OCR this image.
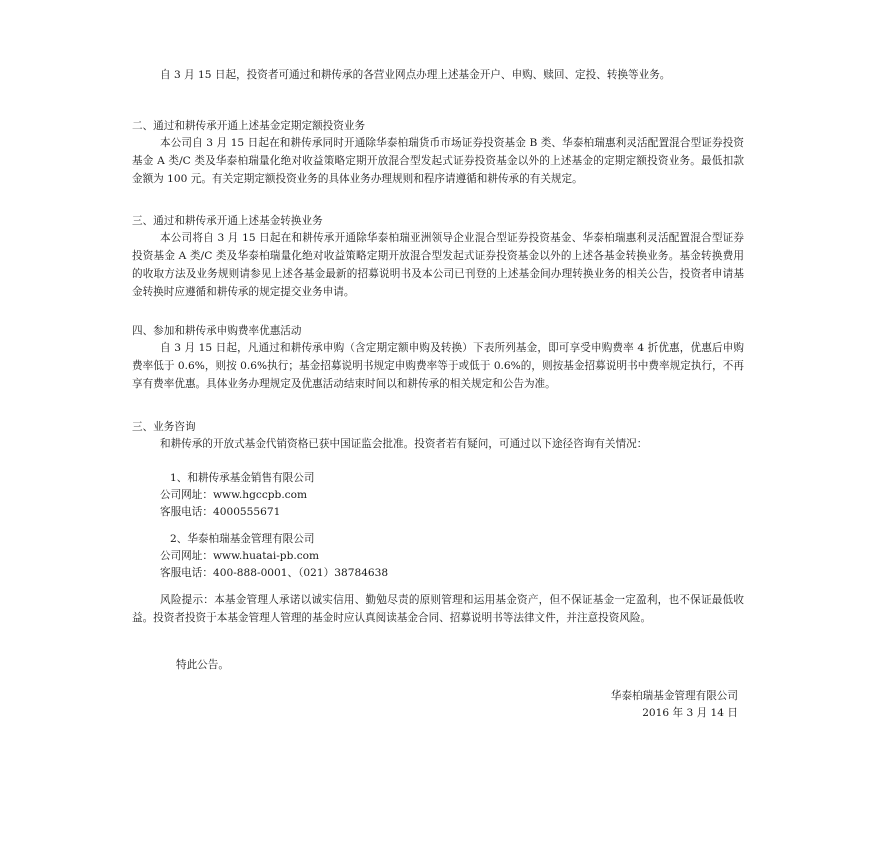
自 3 月 15 日起，投资者可通过和耕传承的各营业网点办理上述基金开户、申购、赎回、定投、转换等业务。

二、通过和耕传承开通上述基金定期定额投资业务

本公司自 3 月 15 日起在和耕传承同时开通除华泰柏瑞货币市场证券投资基金 B 类、华泰柏瑞惠利灵活配置混合型证券投资基金 A 类/C 类及华泰柏瑞量化绝对收益策略定期开放混合型发起式证券投资基金以外的上述基金的定期定额投资业务。最低扣款金额为 100 元。有关定期定额投资业务的具体业务办理规则和程序请遵循和耕传承的有关规定。

三、通过和耕传承开通上述基金转换业务

本公司将自 3 月 15 日起在和耕传承开通除华泰柏瑞亚洲领导企业混合型证券投资基金、华泰柏瑞惠利灵活配置混合型证券投资基金 A 类/C 类及华泰柏瑞量化绝对收益策略定期开放混合型发起式证券投资基金以外的上述各基金转换业务。基金转换费用的收取方法及业务规则请参见上述各基金最新的招募说明书及本公司已刊登的上述基金间办理转换业务的相关公告，投资者申请基金转换时应遵循和耕传承的规定提交业务申请。

四、参加和耕传承申购费率优惠活动

自 3 月 15 日起，凡通过和耕传承申购（含定期定额申购及转换）下表所列基金，即可享受申购费率 4 折优惠，优惠后申购费率低于 0.6%，则按 0.6%执行；基金招募说明书规定申购费率等于或低于 0.6%的，则按基金招募说明书中费率规定执行，不再享有费率优惠。具体业务办理规定及优惠活动结束时间以和耕传承的相关规定和公告为准。

三、业务咨询

和耕传承的开放式基金代销资格已获中国证监会批准。投资者若有疑问，可通过以下途径咨询有关情况：

1、和耕传承基金销售有限公司

公司网址：www.hgccpb.com

客服电话：4000555671

2、华泰柏瑞基金管理有限公司

公司网址：www.huatai-pb.com

客服电话：400-888-0001、（021）38784638

风险提示：本基金管理人承诺以诚实信用、勤勉尽责的原则管理和运用基金资产，但不保证基金一定盈利，也不保证最低收益。投资者投资于本基金管理人管理的基金时应认真阅读基金合同、招募说明书等法律文件，并注意投资风险。

特此公告。

华泰柏瑞基金管理有限公司

2016 年 3 月 14 日
